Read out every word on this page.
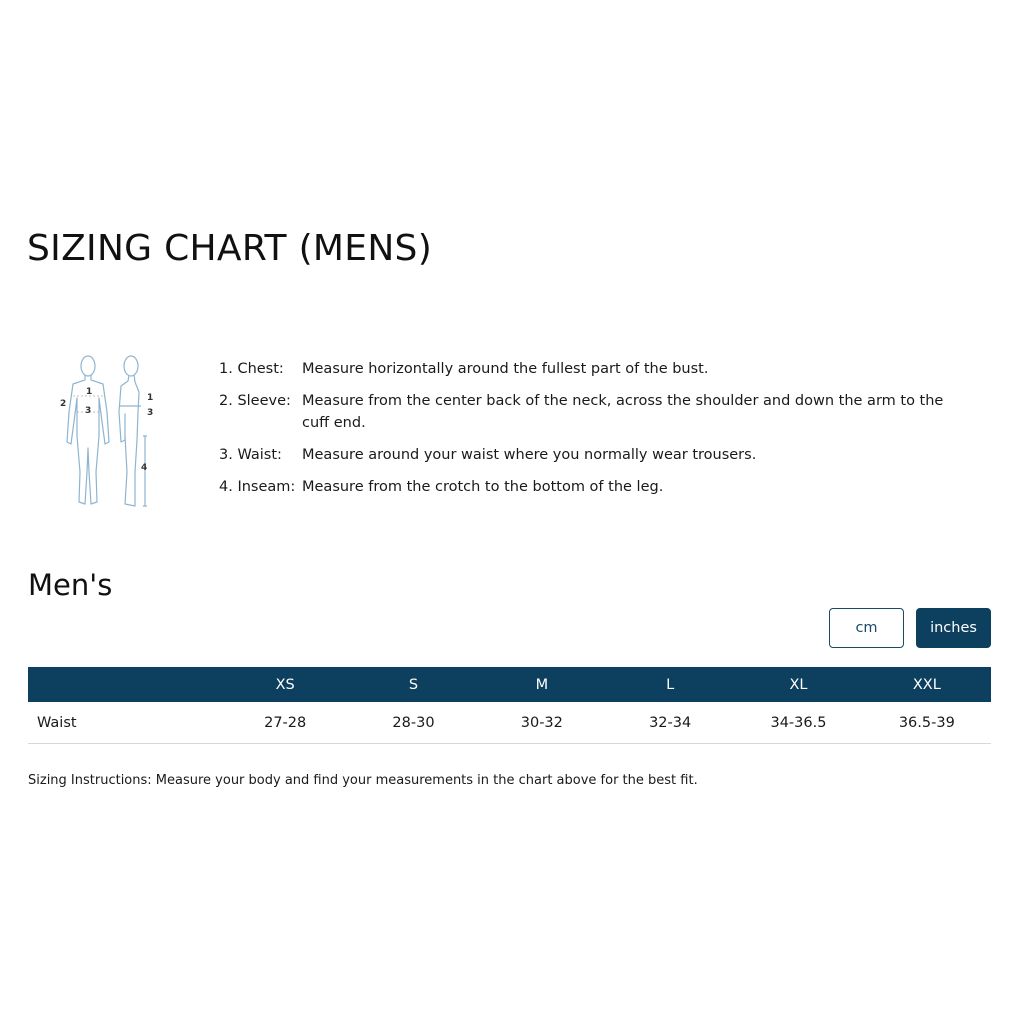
SIZING CHART (MENS)
1
2
3
1
3
4
1. Chest:	Measure horizontally around the fullest part of the bust.
2. Sleeve: Measure from the center back of the neck, across the shoulder and down the arm to the cuff end.
3. Waist:	Measure around your waist where you normally wear trousers.
4. Inseam: Measure from the crotch to the bottom of the leg.
Men's
cm	inches
	XS	S	M	L	XL	XXL
Waist	27-28	28-30	30-32	32-34	34-36.5	36.5-39

Sizing Instructions: Measure your body and find your measurements in the chart above for the best fit.
